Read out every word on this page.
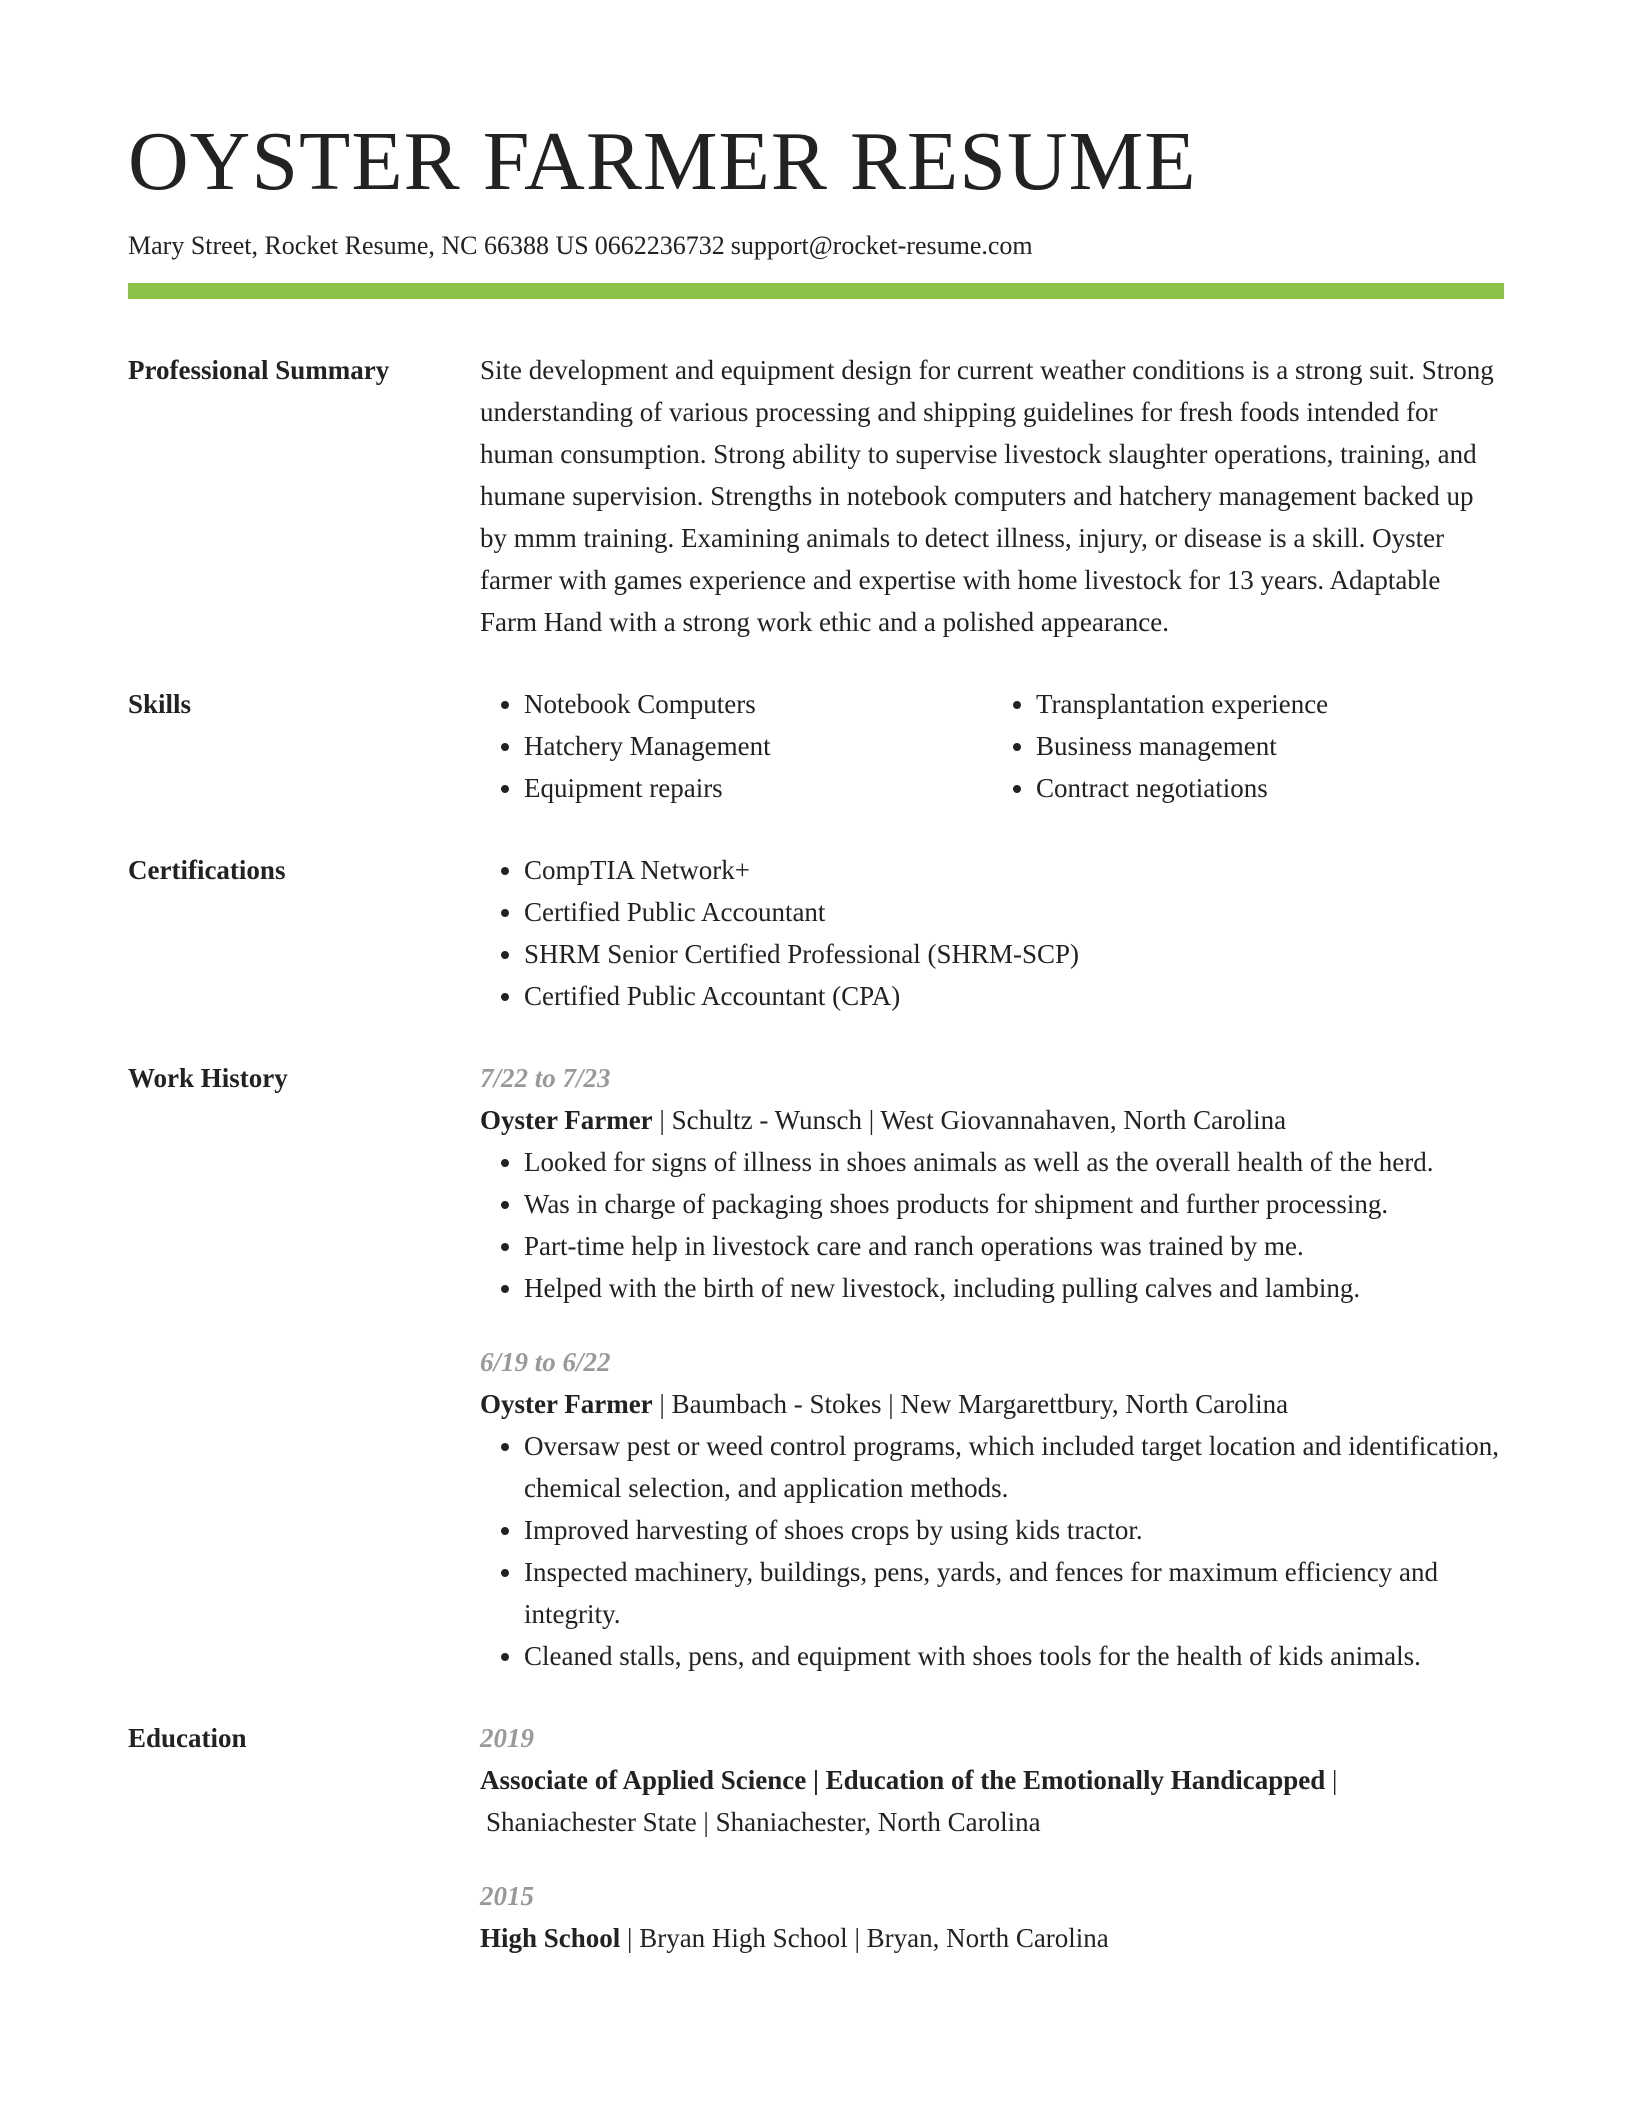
OYSTER FARMER RESUME
Mary Street, Rocket Resume, NC 66388 US 0662236732 support@rocket-resume.com
Professional Summary	Site development and equipment design for current weather conditions is a strong suit. Strong understanding of various processing and shipping guidelines for fresh foods intended for human consumption. Strong ability to supervise livestock slaughter operations, training, and humane supervision. Strengths in notebook computers and hatchery management backed up by mmm training. Examining animals to detect illness, injury, or disease is a skill. Oyster farmer with games experience and expertise with home livestock for 13 years. Adaptable Farm Hand with a strong work ethic and a polished appearance.

Skills	• Notebook Computers
• Hatchery Management
• Equipment repairs
• Transplantation experience
• Business management
• Contract negotiations
Certifications	• CompTIA Network+
• Certified Public Accountant
• SHRM Senior Certified Professional (SHRM-SCP)
• Certified Public Accountant (CPA)
Work History	7/22 to 7/23
Oyster Farmer | Schultz - Wunsch | West Giovannahaven, North Carolina
• Looked for signs of illness in shoes animals as well as the overall health of the herd.
• Was in charge of packaging shoes products for shipment and further processing.
• Part-time help in livestock care and ranch operations was trained by me.
• Helped with the birth of new livestock, including pulling calves and lambing.
6/19 to 6/22
Oyster Farmer | Baumbach - Stokes | New Margarettbury, North Carolina
• Oversaw pest or weed control programs, which included target location and identification, chemical selection, and application methods.
• Improved harvesting of shoes crops by using kids tractor.
• Inspected machinery, buildings, pens, yards, and fences for maximum efficiency and integrity.
• Cleaned stalls, pens, and equipment with shoes tools for the health of kids animals.
Education	2019
Associate of Applied Science | Education of the Emotionally Handicapped |
Shaniachester State | Shaniachester, North Carolina
2015
High School | Bryan High School | Bryan, North Carolina
